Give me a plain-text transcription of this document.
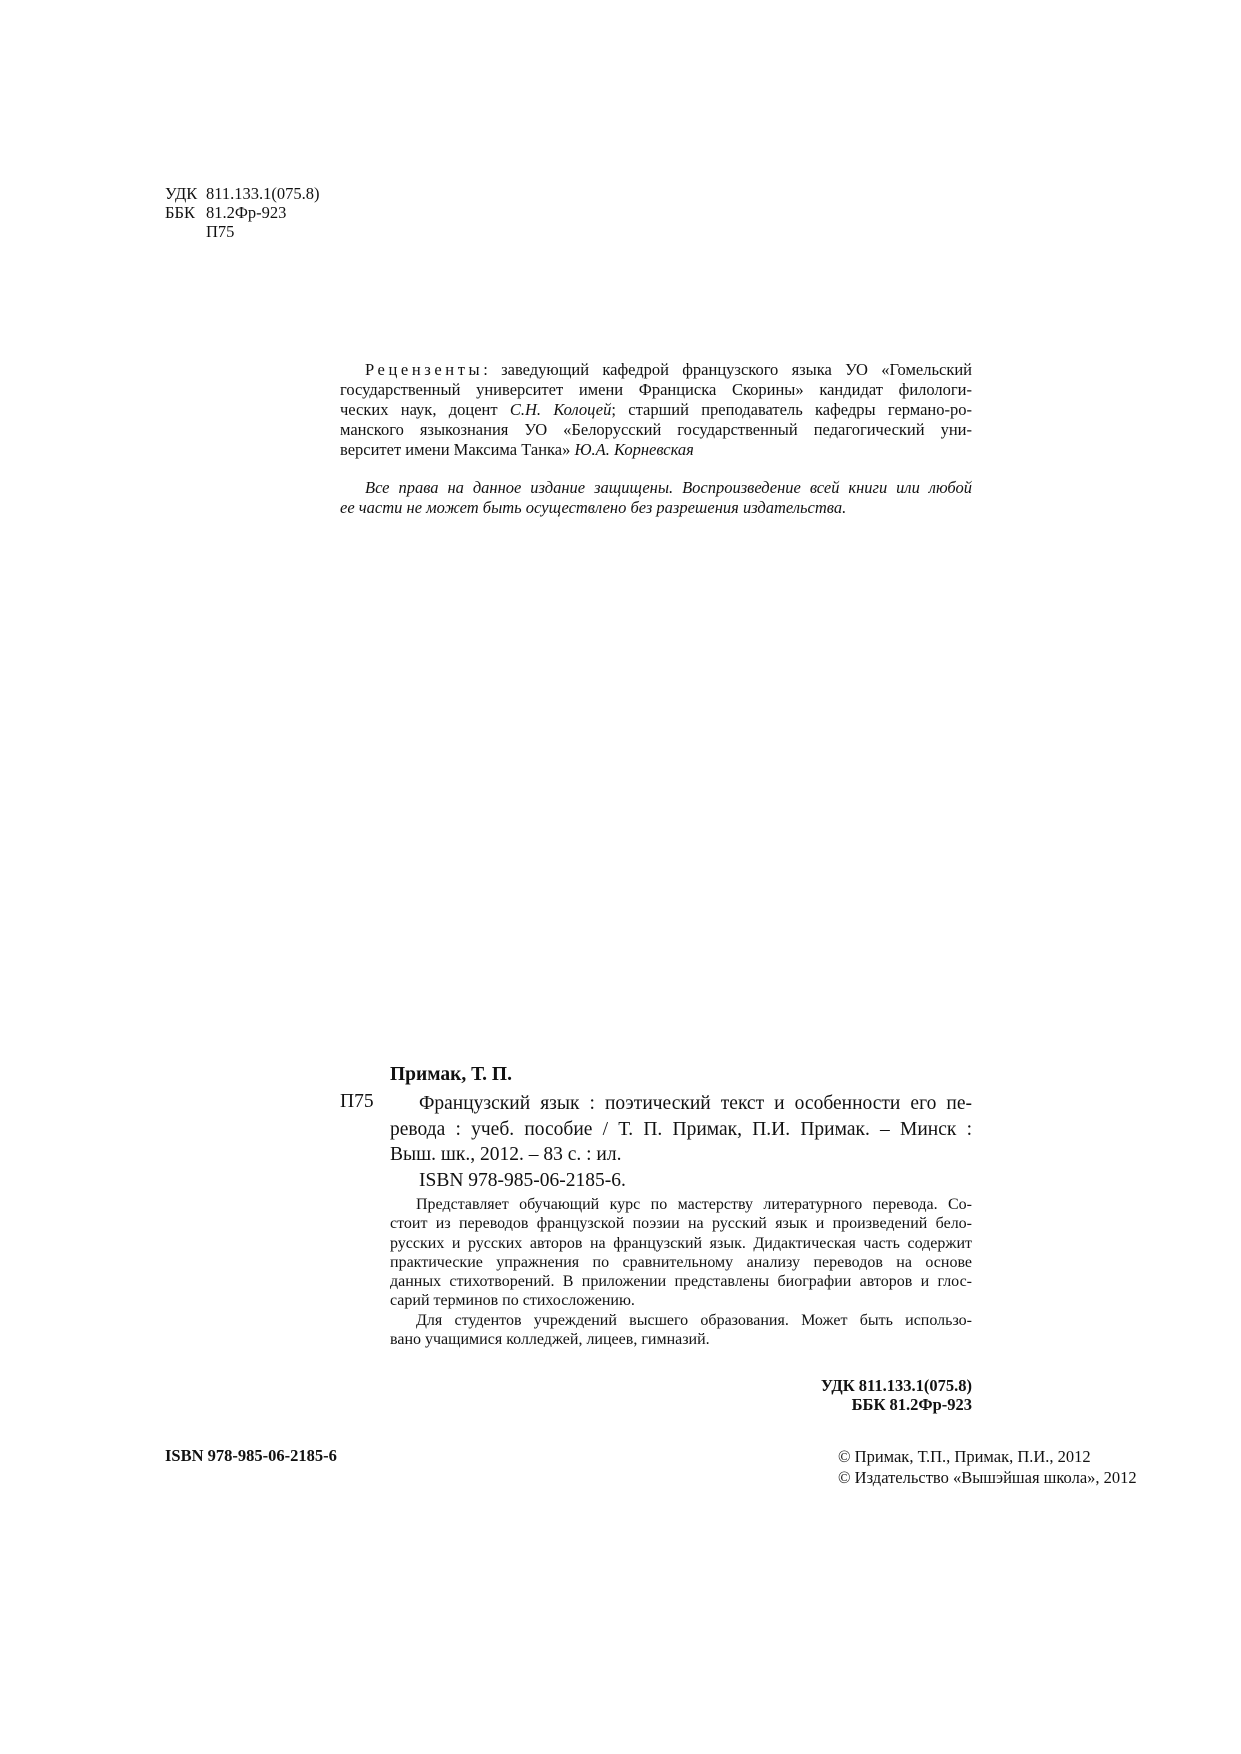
УДК 811.133.1(075.8)
ББК 81.2Фр-923
П75
Рецензенты: заведующий кафедрой французского языка УО «Гомельский
государственный университет имени Франциска Скорины» кандидат филологи-
ческих наук, доцент С.Н. Колоцей; старший преподаватель кафедры германо-ро-
манского языкознания УО «Белорусский государственный педагогический уни-
верситет имени Максима Танка» Ю.А. Корневская
Все права на данное издание защищены. Воспроизведение всей книги или любой
ее части не может быть осуществлено без разрешения издательства.
Примак, Т. П.
П75	Французский язык : поэтический текст и особенности его пе-
ревода : учеб. пособие / Т. П. Примак, П.И. Примак. – Минск :
Выш. шк., 2012. – 83 с. : ил.
ISBN 978-985-06-2185-6.
Представляет обучающий курс по мастерству литературного перевода. Со-
стоит из переводов французской поэзии на русский язык и произведений бело-
русских и русских авторов на французский язык. Дидактическая часть содержит
практические упражнения по сравнительному анализу переводов на основе
данных стихотворений. В приложении представлены биографии авторов и глос-
сарий терминов по стихосложению.
Для студентов учреждений высшего образования. Может быть использо-
вано учащимися колледжей, лицеев, гимназий.
УДК 811.133.1(075.8)
ББК 81.2Фр-923
ISBN 978-985-06-2185-6	© Примак, Т.П., Примак, П.И., 2012
© Издательство «Вышэйшая школа», 2012
